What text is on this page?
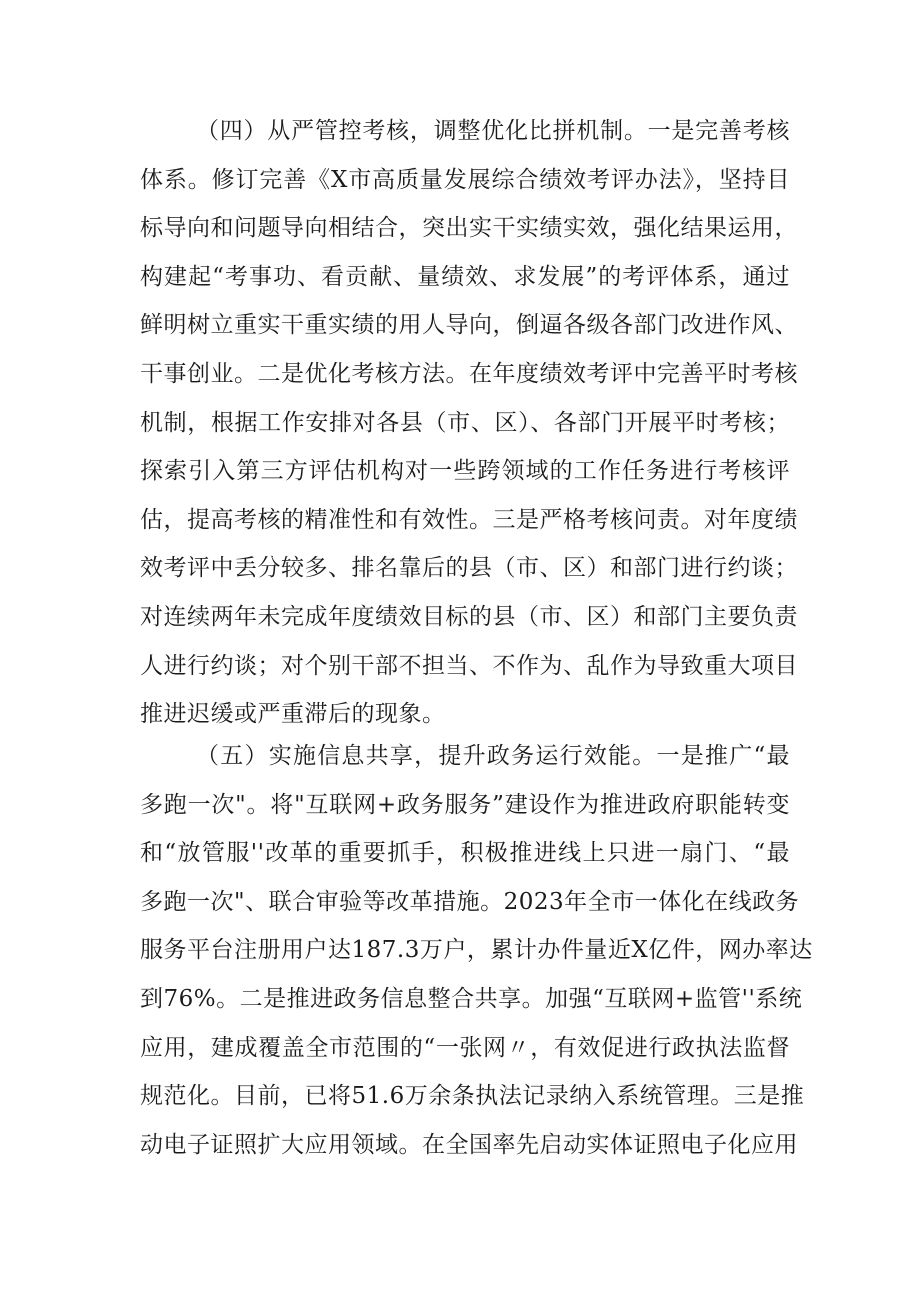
（四）从严管控考核，调整优化比拼机制。一是完善考核
体系。修订完善《X市高质量发展综合绩效考评办法》，坚持目
标导向和问题导向相结合，突出实干实绩实效，强化结果运用，
构建起“考事功、看贡献、量绩效、求发展”的考评体系，通过
鲜明树立重实干重实绩的用人导向，倒逼各级各部门改进作风、
干事创业。二是优化考核方法。在年度绩效考评中完善平时考核
机制，根据工作安排对各县（市、区）、各部门开展平时考核；
探索引入第三方评估机构对一些跨领域的工作任务进行考核评
估，提高考核的精准性和有效性。三是严格考核问责。对年度绩
效考评中丢分较多、排名靠后的县（市、区）和部门进行约谈；
对连续两年未完成年度绩效目标的县（市、区）和部门主要负责
人进行约谈；对个别干部不担当、不作为、乱作为导致重大项目
推进迟缓或严重滞后的现象。
（五）实施信息共享，提升政务运行效能。一是推广“最
多跑一次"。将"互联网+政务服务”建设作为推进政府职能转变
和“放管服''改革的重要抓手，积极推进线上只进一扇门、“最
多跑一次"、联合审验等改革措施。2023年全市一体化在线政务
服务平台注册用户达187.3万户，累计办件量近X亿件，网办率达
到76%。二是推进政务信息整合共享。加强“互联网+监管''系统
应用，建成覆盖全市范围的“一张网〃，有效促进行政执法监督
规范化。目前，已将51.6万余条执法记录纳入系统管理。三是推
动电子证照扩大应用领域。在全国率先启动实体证照电子化应用
